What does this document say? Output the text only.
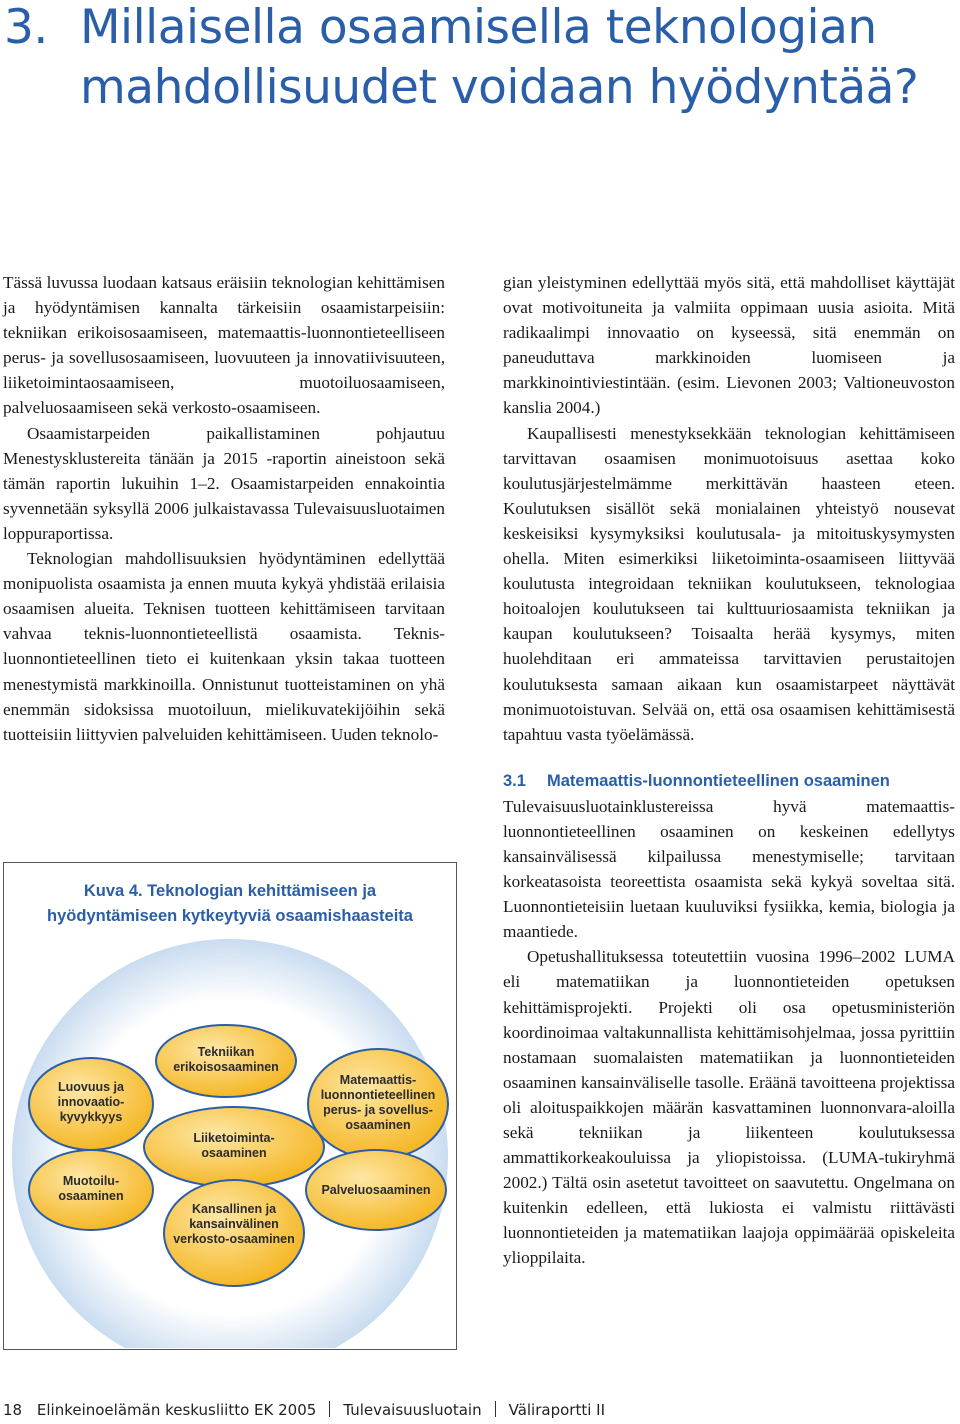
3. Millaisella osaamisella teknologian
mahdollisuudet voidaan hyödyntää?

Tässä luvussa luodaan katsaus eräisiin teknologian kehittämisen ja hyödyntämisen kannalta tärkeisiin osaamistarpeisiin: tekniikan erikoisosaamiseen, matemaattis-luonnontieteelliseen perus- ja sovellusosaamiseen, luovuuteen ja innovatiivisuuteen, liiketoimintaosaamiseen, muotoiluosaamiseen, palveluosaamiseen sekä verkosto-osaamiseen.

Osaamistarpeiden paikallistaminen pohjautuu Menestysklustereita tänään ja 2015 -raportin aineistoon sekä tämän raportin lukuihin 1–2. Osaamistarpeiden ennakointia syvennetään syksyllä 2006 julkaistavassa Tulevaisuusluotaimen loppuraportissa.

Teknologian mahdollisuuksien hyödyntäminen edellyttää monipuolista osaamista ja ennen muuta kykyä yhdistää erilaisia osaamisen alueita. Teknisen tuotteen kehittämiseen tarvitaan vahvaa teknis-luonnontieteellistä osaamista. Teknis-luonnontieteellinen tieto ei kuitenkaan yksin takaa tuotteen menestymistä markkinoilla. Onnistunut tuotteistaminen on yhä enemmän sidoksissa muotoiluun, mielikuvatekijöihin sekä tuotteisiin liittyvien palveluiden kehittämiseen. Uuden teknolo-

gian yleistyminen edellyttää myös sitä, että mahdolliset käyttäjät ovat motivoituneita ja valmiita oppimaan uusia asioita. Mitä radikaalimpi innovaatio on kyseessä, sitä enemmän on paneuduttava markkinoiden luomiseen ja markkinointiviestintään. (esim. Lievonen 2003; Valtioneuvoston kanslia 2004.)

Kaupallisesti menestyksekkään teknologian kehittämiseen tarvittavan osaamisen monimuotoisuus asettaa koko koulutusjärjestelmämme merkittävän haasteen eteen. Koulutuksen sisällöt sekä monialainen yhteistyö nousevat keskeisiksi kysymyksiksi koulutusala- ja mitoituskysymysten ohella. Miten esimerkiksi liiketoiminta-osaamiseen liittyvää koulutusta integroidaan tekniikan koulutukseen, teknologiaa hoitoalojen koulutukseen tai kulttuuriosaamista tekniikan ja kaupan koulutukseen? Toisaalta herää kysymys, miten huolehditaan eri ammateissa tarvittavien perustaitojen koulutuksesta samaan aikaan kun osaamistarpeet näyttävät monimuotoistuvan. Selvää on, että osa osaamisen kehittämisestä tapahtuu vasta työelämässä.

3.1 Matemaattis-luonnontieteellinen osaaminen

Tulevaisuusluotainklustereissa hyvä matemaattis-luonnontieteellinen osaaminen on keskeinen edellytys kansainvälisessä kilpailussa menestymiselle; tarvitaan korkeatasoista teoreettista osaamista sekä kykyä soveltaa sitä. Luonnontieteisiin luetaan kuuluviksi fysiikka, kemia, biologia ja maantiede.

Opetushallituksessa toteutettiin vuosina 1996–2002 LUMA eli matematiikan ja luonnontieteiden opetuksen kehittämisprojekti. Projekti oli osa opetusministeriön koordinoimaa valtakunnallista kehittämisohjelmaa, jossa pyrittiin nostamaan suomalaisten matematiikan ja luonnontieteiden osaaminen kansainväliselle tasolle. Eräänä tavoitteena projektissa oli aloituspaikkojen määrän kasvattaminen luonnonvara-aloilla sekä tekniikan ja liikenteen koulutuksessa ammattikorkeakouluissa ja yliopistoissa. (LUMA-tukiryhmä 2002.) Tältä osin asetetut tavoitteet on saavutettu. Ongelmana on kuitenkin edelleen, että lukiosta ei valmistu riittävästi luonnontieteiden ja matematiikan laajoja oppimäärää opiskeleita ylioppilaita.

Kuva 4. Teknologian kehittämiseen ja
hyödyntämiseen kytkeytyviä osaamishaasteita
Tekniikan erikoisosaaminen
Liiketoiminta-osaaminen
Luovuus ja innovaatio-kyvykkyys
Matemaattis-luonnontieteellinen perus- ja sovellus-osaaminen
Muotoilu-osaaminen	Palveluosaaminen
Kansallinen ja kansainvälinen verkosto-osaaminen
18 Elinkeinoelämän keskusliitto EK 2005 Tulevaisuusluotain Väliraportti II
